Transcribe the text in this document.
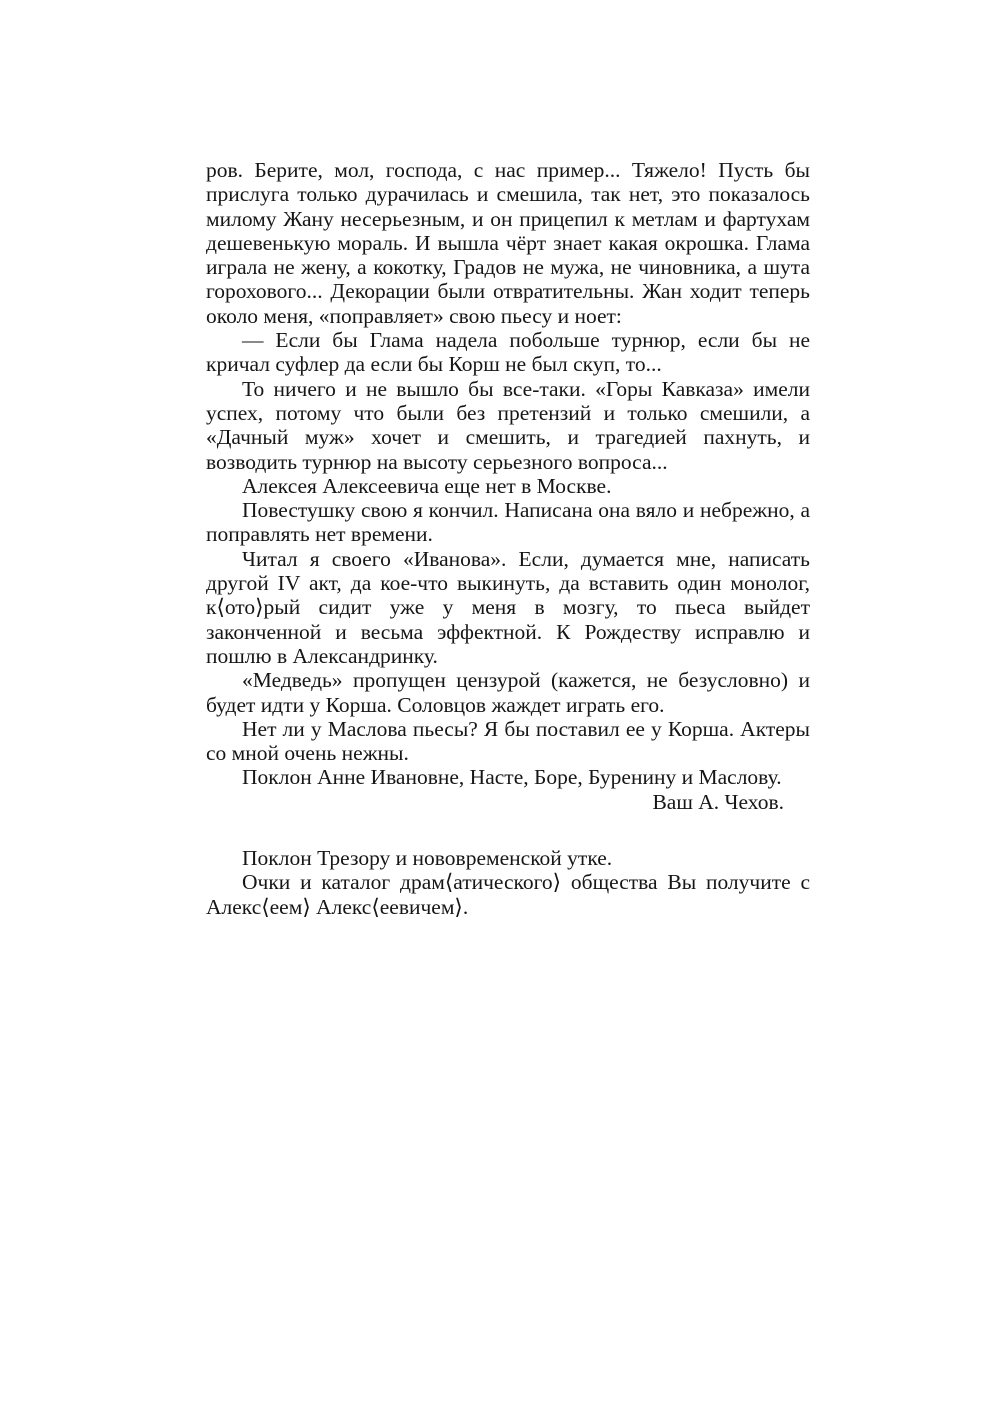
ров. Берите, мол, господа, с нас пример... Тяжело! Пусть бы прислуга только дурачилась и смешила, так нет, это показалось милому Жану несерьезным, и он прицепил к метлам и фартухам дешевенькую мораль. И вышла чёрт знает какая окрошка. Глама играла не жену, а кокотку, Градов не мужа, не чиновника, а шута горохового... Декорации были отвратительны. Жан ходит теперь около меня, «поправляет» свою пьесу и ноет:

— Если бы Глама надела побольше турнюр, если бы не кричал суфлер да если бы Корш не был скуп, то...

То ничего и не вышло бы все-таки. «Горы Кавказа» имели успех, потому что были без претензий и только смешили, а «Дачный муж» хочет и смешить, и трагедией пахнуть, и возводить турнюр на высоту серьезного вопроса...

Алексея Алексеевича еще нет в Москве.

Повестушку свою я кончил. Написана она вяло и небрежно, а поправлять нет времени.

Читал я своего «Иванова». Если, думается мне, написать другой IV акт, да кое-что выкинуть, да вставить один монолог, к⟨ото⟩рый сидит уже у меня в мозгу, то пьеса выйдет законченной и весьма эффектной. К Рождеству исправлю и пошлю в Александринку.

«Медведь» пропущен цензурой (кажется, не безусловно) и будет идти у Корша. Соловцов жаждет играть его.

Нет ли у Маслова пьесы? Я бы поставил ее у Корша. Актеры со мной очень нежны.

Поклон Анне Ивановне, Насте, Боре, Буренину и Маслову.

Ваш А. Чехов.

Поклон Трезору и нововременской утке.

Очки и каталог драм⟨атического⟩ общества Вы получите с Алекс⟨еем⟩ Алекс⟨еевичем⟩.
